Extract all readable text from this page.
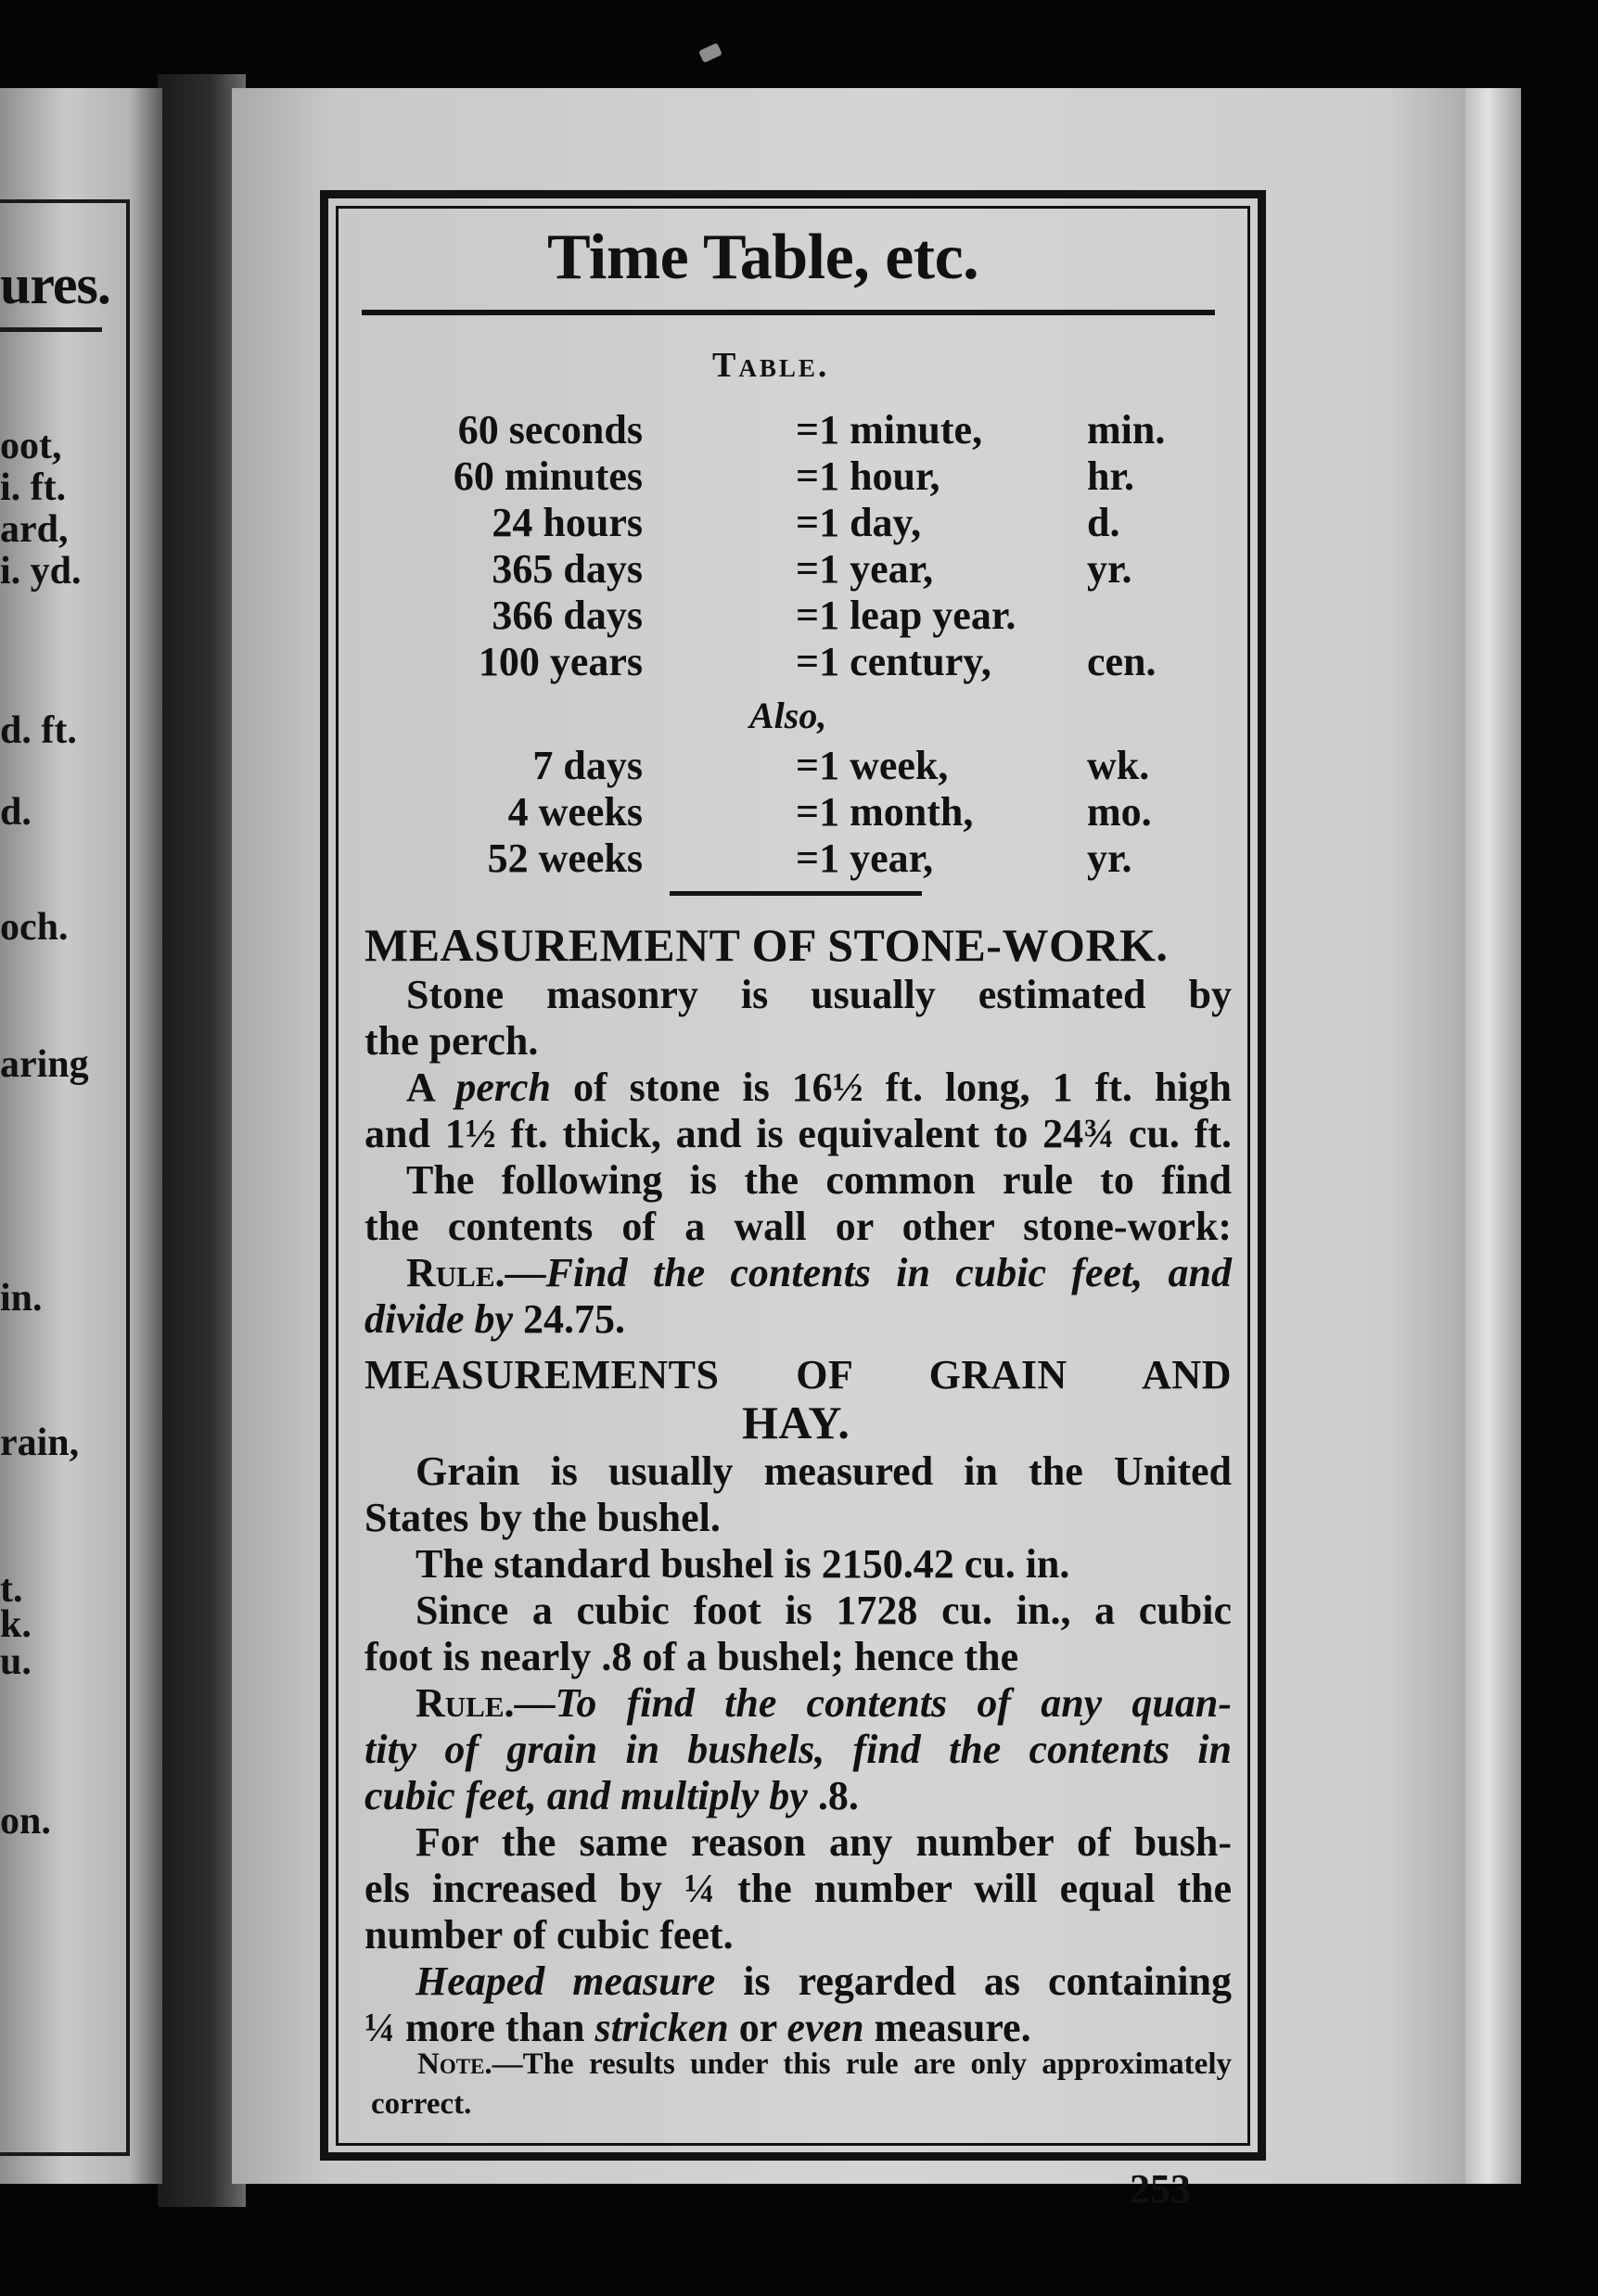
ures.
oot,
i. ft.
ard,
i. yd.
d. ft.
d.
och.
aring
in.
rain,
t.
k.
u.
on.
Time Table, etc.
Table.
60 seconds	=1 minute,	min.
60 minutes	=1 hour,	hr.
24 hours	=1 day,	d.
365 days	=1 year,	yr.
366 days	=1 leap year.
100 years	=1 century, cen.
Also,
7 days	=1 week,	wk.
4 weeks	=1 month,	mo.
52 weeks	=1 year,	yr.
MEASUREMENT OF STONE-WORK.
Stone masonry is usually estimated by
the perch.
A perch of stone is 16½ ft. long, 1 ft. high
and 1½ ft. thick, and is equivalent to 24¾ cu. ft.
The following is the common rule to find
the contents of a wall or other stone-work:
Rule.—Find the contents in cubic feet, and
divide by 24.75.
MEASUREMENTS OF GRAIN AND
HAY.
Grain is usually measured in the United
States by the bushel.
The standard bushel is 2150.42 cu. in.
Since a cubic foot is 1728 cu. in., a cubic
foot is nearly .8 of a bushel; hence the
Rule.—To find the contents of any quan-
tity of grain in bushels, find the contents in
cubic feet, and multiply by .8.
For the same reason any number of bush-
els increased by ¼ the number will equal the
number of cubic feet.
Heaped measure is regarded as containing
¼ more than stricken or even measure.
Note.—The results under this rule are only approximately correct.
253
